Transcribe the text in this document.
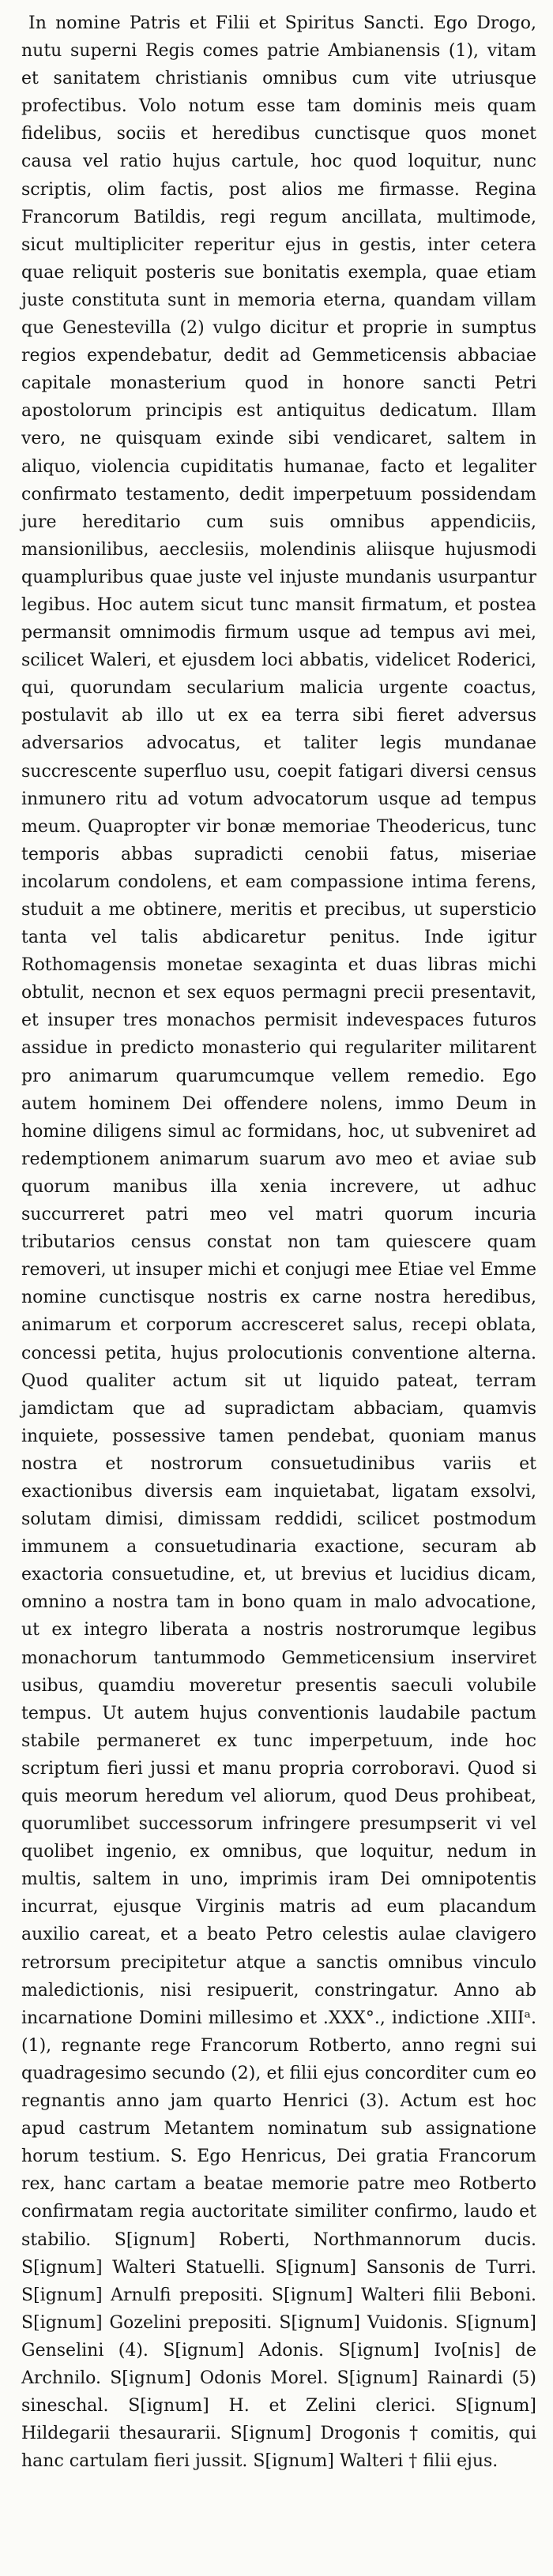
In nomine Patris et Filii et Spiritus Sancti. Ego Drogo, nutu superni Regis comes patrie Ambianensis (1), vitam et sanitatem christianis omnibus cum vite utriusque profectibus. Volo notum esse tam dominis meis quam fidelibus, sociis et heredibus cunctisque quos monet causa vel ratio hujus cartule, hoc quod loquitur, nunc scriptis, olim factis, post alios me firmasse. Regina Francorum Batildis, regi regum ancillata, multimode, sicut multipliciter reperitur ejus in gestis, inter cetera quae reliquit posteris sue bonitatis exempla, quae etiam juste constituta sunt in memoria eterna, quandam villam que Genestevilla (2) vulgo dicitur et proprie in sumptus regios expendebatur, dedit ad Gemmeticensis abbaciae capitale monasterium quod in honore sancti Petri apostolorum principis est antiquitus dedicatum. Illam vero, ne quisquam exinde sibi vendicaret, saltem in aliquo, violencia cupiditatis humanae, facto et legaliter confirmato testamento, dedit imperpetuum possidendam jure hereditario cum suis omnibus appendiciis, mansionilibus, aecclesiis, molendinis aliisque hujusmodi quampluribus quae juste vel injuste mundanis usurpantur legibus. Hoc autem sicut tunc mansit firmatum, et postea permansit omnimodis firmum usque ad tempus avi mei, scilicet Waleri, et ejusdem loci abbatis, videlicet Roderici, qui, quorundam secularium malicia urgente coactus, postulavit ab illo ut ex ea terra sibi fieret adversus adversarios advocatus, et taliter legis mundanae succrescente superfluo usu, coepit fatigari diversi census inmunero ritu ad votum advocatorum usque ad tempus meum. Quapropter vir bonæ memoriae Theodericus, tunc temporis abbas supradicti cenobii fatus, miseriae incolarum condolens, et eam compassione intima ferens, studuit a me obtinere, meritis et precibus, ut supersticio tanta vel talis abdicaretur penitus. Inde igitur Rothomagensis monetae sexaginta et duas libras michi obtulit, necnon et sex equos permagni precii presentavit, et insuper tres monachos permisit indevespaces futuros assidue in predicto monasterio qui regulariter militarent pro animarum quarumcumque vellem remedio. Ego autem hominem Dei offendere nolens, immo Deum in homine diligens simul ac formidans, hoc, ut subveniret ad redemptionem animarum suarum avo meo et aviae sub quorum manibus illa xenia increvere, ut adhuc succurreret patri meo vel matri quorum incuria tributarios census constat non tam quiescere quam removeri, ut insuper michi et conjugi mee Etiae vel Emme nomine cunctisque nostris ex carne nostra heredibus, animarum et corporum accresceret salus, recepi oblata, concessi petita, hujus prolocutionis conventione alterna. Quod qualiter actum sit ut liquido pateat, terram jamdictam que ad supradictam abbaciam, quamvis inquiete, possessive tamen pendebat, quoniam manus nostra et nostrorum consuetudinibus variis et exactionibus diversis eam inquietabat, ligatam exsolvi, solutam dimisi, dimissam reddidi, scilicet postmodum immunem a consuetudinaria exactione, securam ab exactoria consuetudine, et, ut brevius et lucidius dicam, omnino a nostra tam in bono quam in malo advocatione, ut ex integro liberata a nostris nostrorumque legibus monachorum tantummodo Gemmeticensium inserviret usibus, quamdiu moveretur presentis saeculi volubile tempus. Ut autem hujus conventionis laudabile pactum stabile permaneret ex tunc imperpetuum, inde hoc scriptum fieri jussi et manu propria corroboravi. Quod si quis meorum heredum vel aliorum, quod Deus prohibeat, quorumlibet successorum infringere presumpserit vi vel quolibet ingenio, ex omnibus, que loquitur, nedum in multis, saltem in uno, imprimis iram Dei omnipotentis incurrat, ejusque Virginis matris ad eum placandum auxilio careat, et a beato Petro celestis aulae clavigero retrorsum precipitetur atque a sanctis omnibus vinculo maledictionis, nisi resipuerit, constringatur. Anno ab incarnatione Domini millesimo et .XXX°., indictione .XIIIᵃ. (1), regnante rege Francorum Rotberto, anno regni sui quadragesimo secundo (2), et filii ejus concorditer cum eo regnantis anno jam quarto Henrici (3). Actum est hoc apud castrum Metantem nominatum sub assignatione horum testium. S. Ego Henricus, Dei gratia Francorum rex, hanc cartam a beatae memorie patre meo Rotberto confirmatam regia auctoritate similiter confirmo, laudo et stabilio. S[ignum] Roberti, Northmannorum ducis. S[ignum] Walteri Statuelli. S[ignum] Sansonis de Turri. S[ignum] Arnulfi prepositi. S[ignum] Walteri filii Beboni. S[ignum] Gozelini prepositi. S[ignum] Vuidonis. S[ignum] Genselini (4). S[ignum] Adonis. S[ignum] Ivo[nis] de Archnilo. S[ignum] Odonis Morel. S[ignum] Rainardi (5) sineschal. S[ignum] H. et Zelini clerici. S[ignum] Hildegarii thesaurarii. S[ignum] Drogonis † comitis, qui hanc cartulam fieri jussit. S[ignum] Walteri † filii ejus.
